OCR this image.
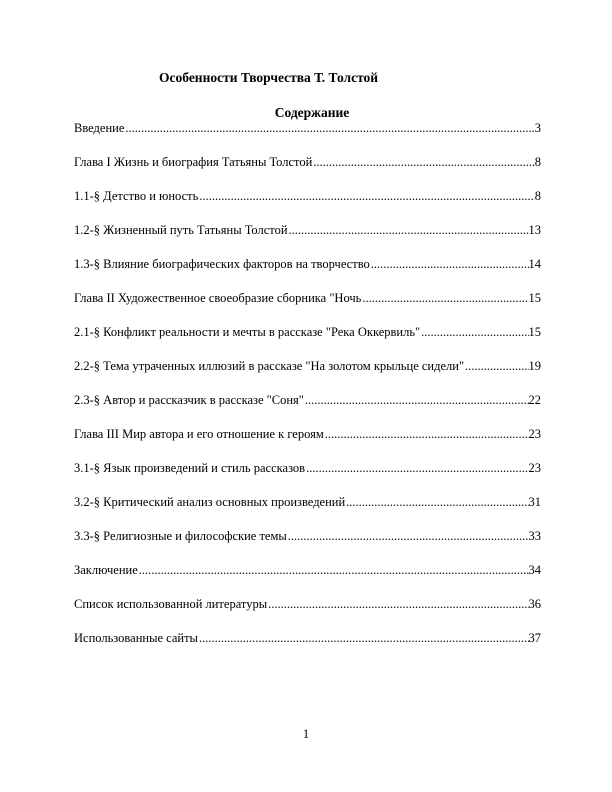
Особенности Творчества Т. Толстой
Содержание
Введение .....	3
Глава I Жизнь и биография Татьяны Толстой .....	8
1.1-§ Детство и юность .....	8
1.2-§ Жизненный путь Татьяны Толстой .....	13
1.3-§ Влияние биографических факторов на творчество .....	14
Глава II Художественное своеобразие сборника "Ночь .....	15
2.1-§ Конфликт реальности и мечты в рассказе "Река Оккервиль" .....	15
2.2-§ Тема утраченных иллюзий в рассказе "На золотом крыльце сидели" .....	19
2.3-§ Автор и рассказчик в рассказе "Соня" .....	22
Глава III Мир автора и его отношение к героям .....	23
3.1-§ Язык произведений и стиль рассказов .....	23
3.2-§ Критический анализ основных произведений .....	31
3.3-§ Религиозные и философские темы .....	33
Заключение .....	34
Список использованной литературы .....	36
Использованные сайты .....	37
1
